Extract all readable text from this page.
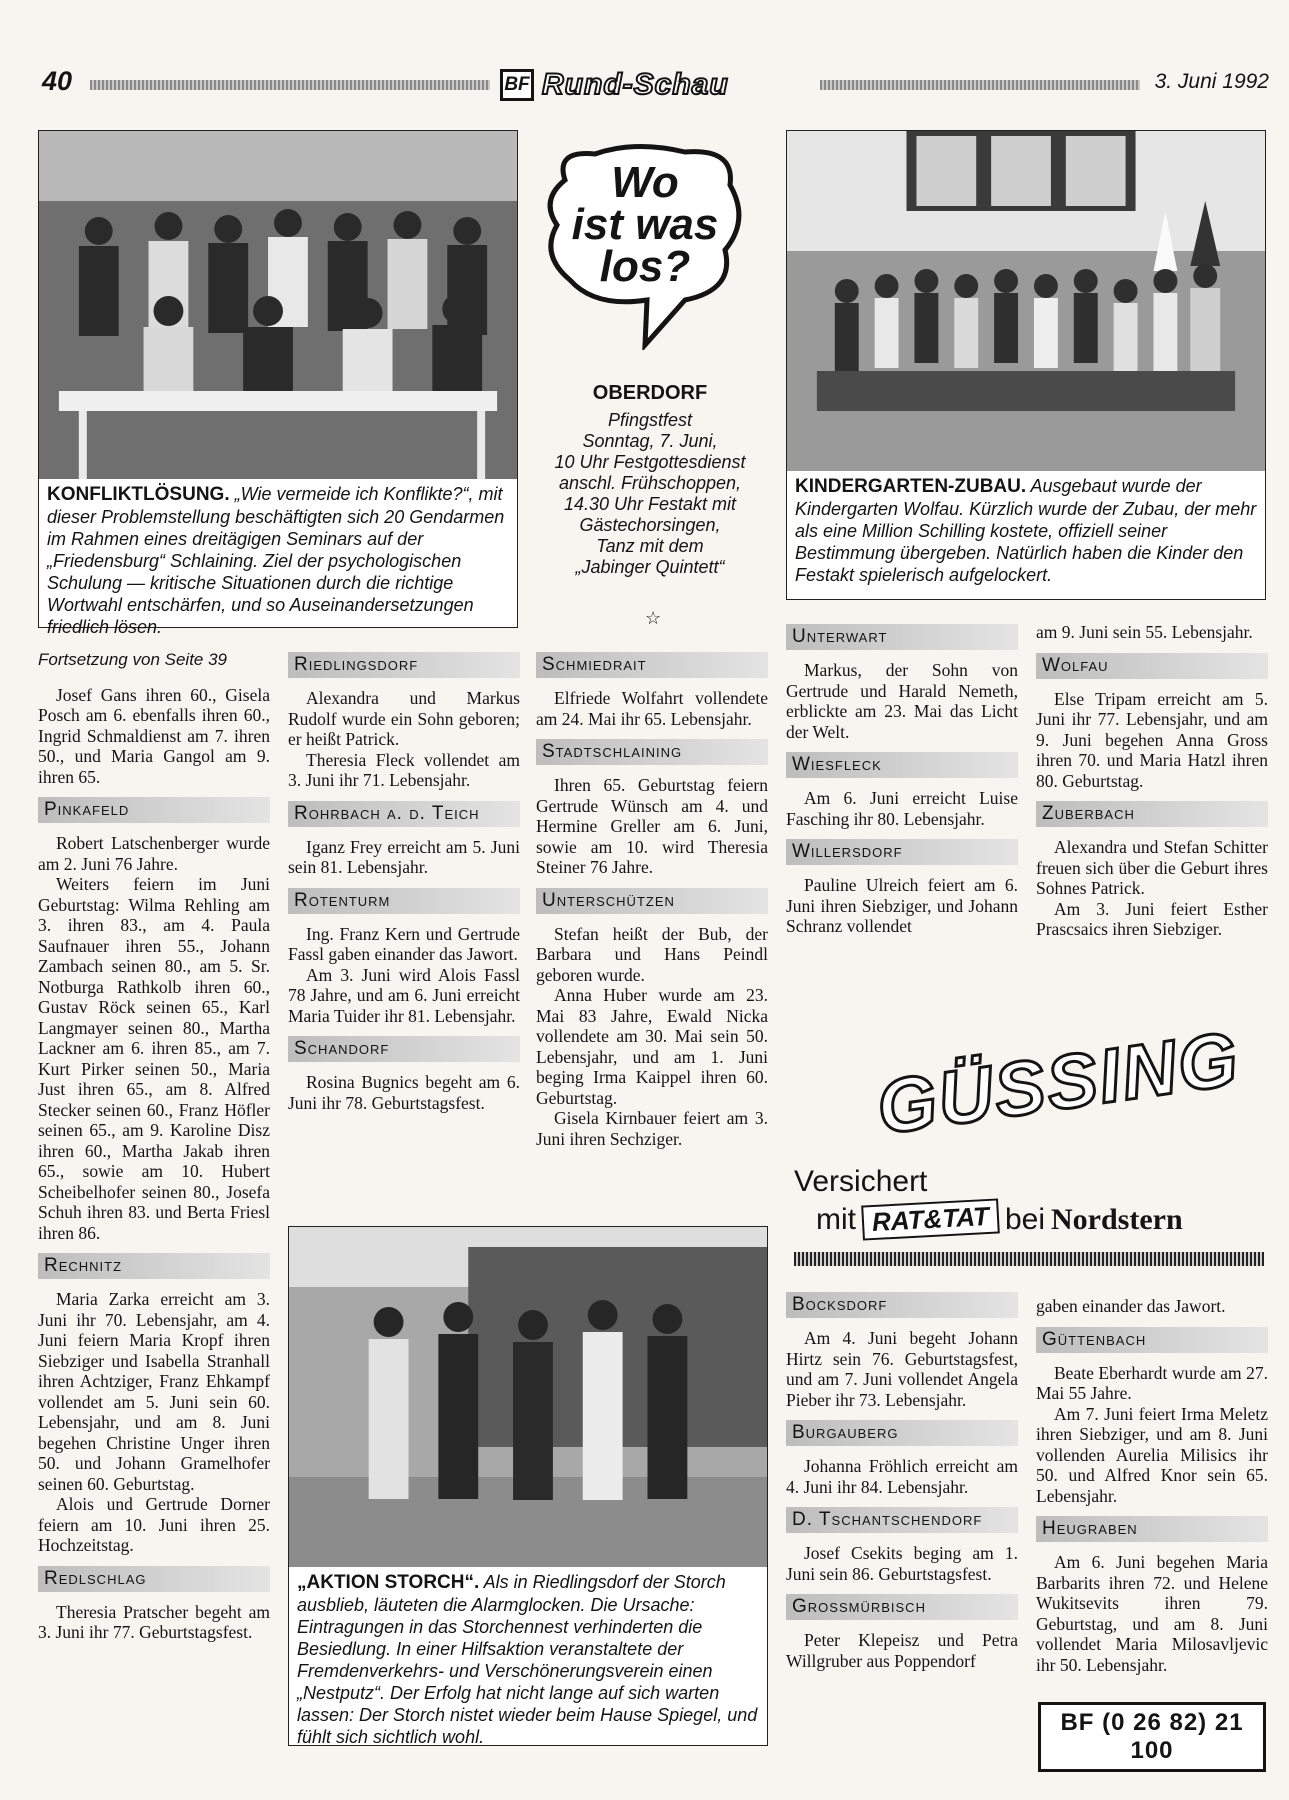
40	BF Rund-Schau	3. Juni 1992
KONFLIKTLÖSUNG. „Wie vermeide ich Konflikte?“, mit dieser Problemstellung beschäftigten sich 20 Gendarmen im Rahmen eines dreitägigen Seminars auf der „Friedensburg“ Schlaining. Ziel der psychologischen Schulung — kritische Situationen durch die richtige Wortwahl entschärfen, und so Auseinandersetzungen friedlich lösen.
Wo
ist was
los?
OBERDORF
Pfingstfest
Sonntag, 7. Juni,
10 Uhr Festgottesdienst
anschl. Frühschoppen,
14.30 Uhr Festakt mit
Gästechorsingen,
Tanz mit dem
„Jabinger Quintett“
☆
KINDERGARTEN-ZUBAU. Ausgebaut wurde der Kindergarten Wolfau. Kürzlich wurde der Zubau, der mehr als eine Million Schilling kostete, offiziell seiner Bestimmung übergeben. Natürlich haben die Kinder den Festakt spielerisch aufgelockert.

Fortsetzung von Seite 39

Josef Gans ihren 60., Gisela Posch am 6. ebenfalls ihren 60., Ingrid Schmaldienst am 7. ihren 50., und Maria Gangol am 9. ihren 65.

Pinkafeld

Robert Latschenberger wurde am 2. Juni 76 Jahre.

Weiters feiern im Juni Geburtstag: Wilma Rehling am 3. ihren 83., am 4. Paula Saufnauer ihren 55., Johann Zambach seinen 80., am 5. Sr. Notburga Rathkolb ihren 60., Gustav Röck seinen 65., Karl Langmayer seinen 80., Martha Lackner am 6. ihren 85., am 7. Kurt Pirker seinen 50., Maria Just ihren 65., am 8. Alfred Stecker seinen 60., Franz Höfler seinen 65., am 9. Karoline Disz ihren 60., Martha Jakab ihren 65., sowie am 10. Hubert Scheibelhofer seinen 80., Josefa Schuh ihren 83. und Berta Friesl ihren 86.

Rechnitz

Maria Zarka erreicht am 3. Juni ihr 70. Lebensjahr, am 4. Juni feiern Maria Kropf ihren Siebziger und Isabella Stranhall ihren Achtziger, Franz Ehkampf vollendet am 5. Juni sein 60. Lebensjahr, und am 8. Juni begehen Christine Unger ihren 50. und Johann Gramelhofer seinen 60. Geburtstag.

Alois und Gertrude Dorner feiern am 10. Juni ihren 25. Hochzeitstag.

Redlschlag

Theresia Pratscher begeht am 3. Juni ihr 77. Geburtstagsfest.

Riedlingsdorf

Alexandra und Markus Rudolf wurde ein Sohn geboren; er heißt Patrick.

Theresia Fleck vollendet am 3. Juni ihr 71. Lebensjahr.

Rohrbach a. d. Teich

Iganz Frey erreicht am 5. Juni sein 81. Lebensjahr.

Rotenturm

Ing. Franz Kern und Gertrude Fassl gaben einander das Jawort.

Am 3. Juni wird Alois Fassl 78 Jahre, und am 6. Juni erreicht Maria Tuider ihr 81. Lebensjahr.

Schandorf

Rosina Bugnics begeht am 6. Juni ihr 78. Geburtstagsfest.

Schmiedrait

Elfriede Wolfahrt vollendete am 24. Mai ihr 65. Lebensjahr.

Stadtschlaining

Ihren 65. Geburtstag feiern Gertrude Wünsch am 4. und Hermine Greller am 6. Juni, sowie am 10. wird Theresia Steiner 76 Jahre.

Unterschützen

Stefan heißt der Bub, der Barbara und Hans Peindl geboren wurde.

Anna Huber wurde am 23. Mai 83 Jahre, Ewald Nicka vollendete am 30. Mai sein 50. Lebensjahr, und am 1. Juni beging Irma Kaippel ihren 60. Geburtstag.

Gisela Kirnbauer feiert am 3. Juni ihren Sechziger.

„AKTION STORCH“. Als in Riedlingsdorf der Storch ausblieb, läuteten die Alarmglocken. Die Ursache: Eintragungen in das Storchennest verhinderten die Besiedlung. In einer Hilfsaktion veranstaltete der Fremdenverkehrs- und Verschönerungsverein einen „Nestputz“. Der Erfolg hat nicht lange auf sich warten lassen: Der Storch nistet wieder beim Hause Spiegel, und fühlt sich sichtlich wohl.
Unterwart

Markus, der Sohn von Gertrude und Harald Nemeth, erblickte am 23. Mai das Licht der Welt.

Wiesfleck

Am 6. Juni erreicht Luise Fasching ihr 80. Lebensjahr.

Willersdorf

Pauline Ulreich feiert am 6. Juni ihren Siebziger, und Johann Schranz vollendet

am 9. Juni sein 55. Lebensjahr.

Wolfau

Else Tripam erreicht am 5. Juni ihr 77. Lebensjahr, und am 9. Juni begehen Anna Gross ihren 70. und Maria Hatzl ihren 80. Geburtstag.

Zuberbach

Alexandra und Stefan Schitter freuen sich über die Geburt ihres Sohnes Patrick.

Am 3. Juni feiert Esther Prascsaics ihren Siebziger.

GÜSSING
Versichert
mit RAT&TAT bei Nordstern
Bocksdorf

Am 4. Juni begeht Johann Hirtz sein 76. Geburtstagsfest, und am 7. Juni vollendet Angela Pieber ihr 73. Lebensjahr.

Burgauberg

Johanna Fröhlich erreicht am 4. Juni ihr 84. Lebensjahr.

D. Tschantschendorf

Josef Csekits beging am 1. Juni sein 86. Geburtstagsfest.

Grossmürbisch

Peter Klepeisz und Petra Willgruber aus Poppendorf

gaben einander das Jawort.

Güttenbach

Beate Eberhardt wurde am 27. Mai 55 Jahre.

Am 7. Juni feiert Irma Meletz ihren Siebziger, und am 8. Juni vollenden Aurelia Milisics ihr 50. und Alfred Knor sein 65. Lebensjahr.

Heugraben

Am 6. Juni begehen Maria Barbarits ihren 72. und Helene Wukitsevits ihren 79. Geburtstag, und am 8. Juni vollendet Maria Milosavljevic ihr 50. Lebensjahr.

BF (0 26 82) 21 100
